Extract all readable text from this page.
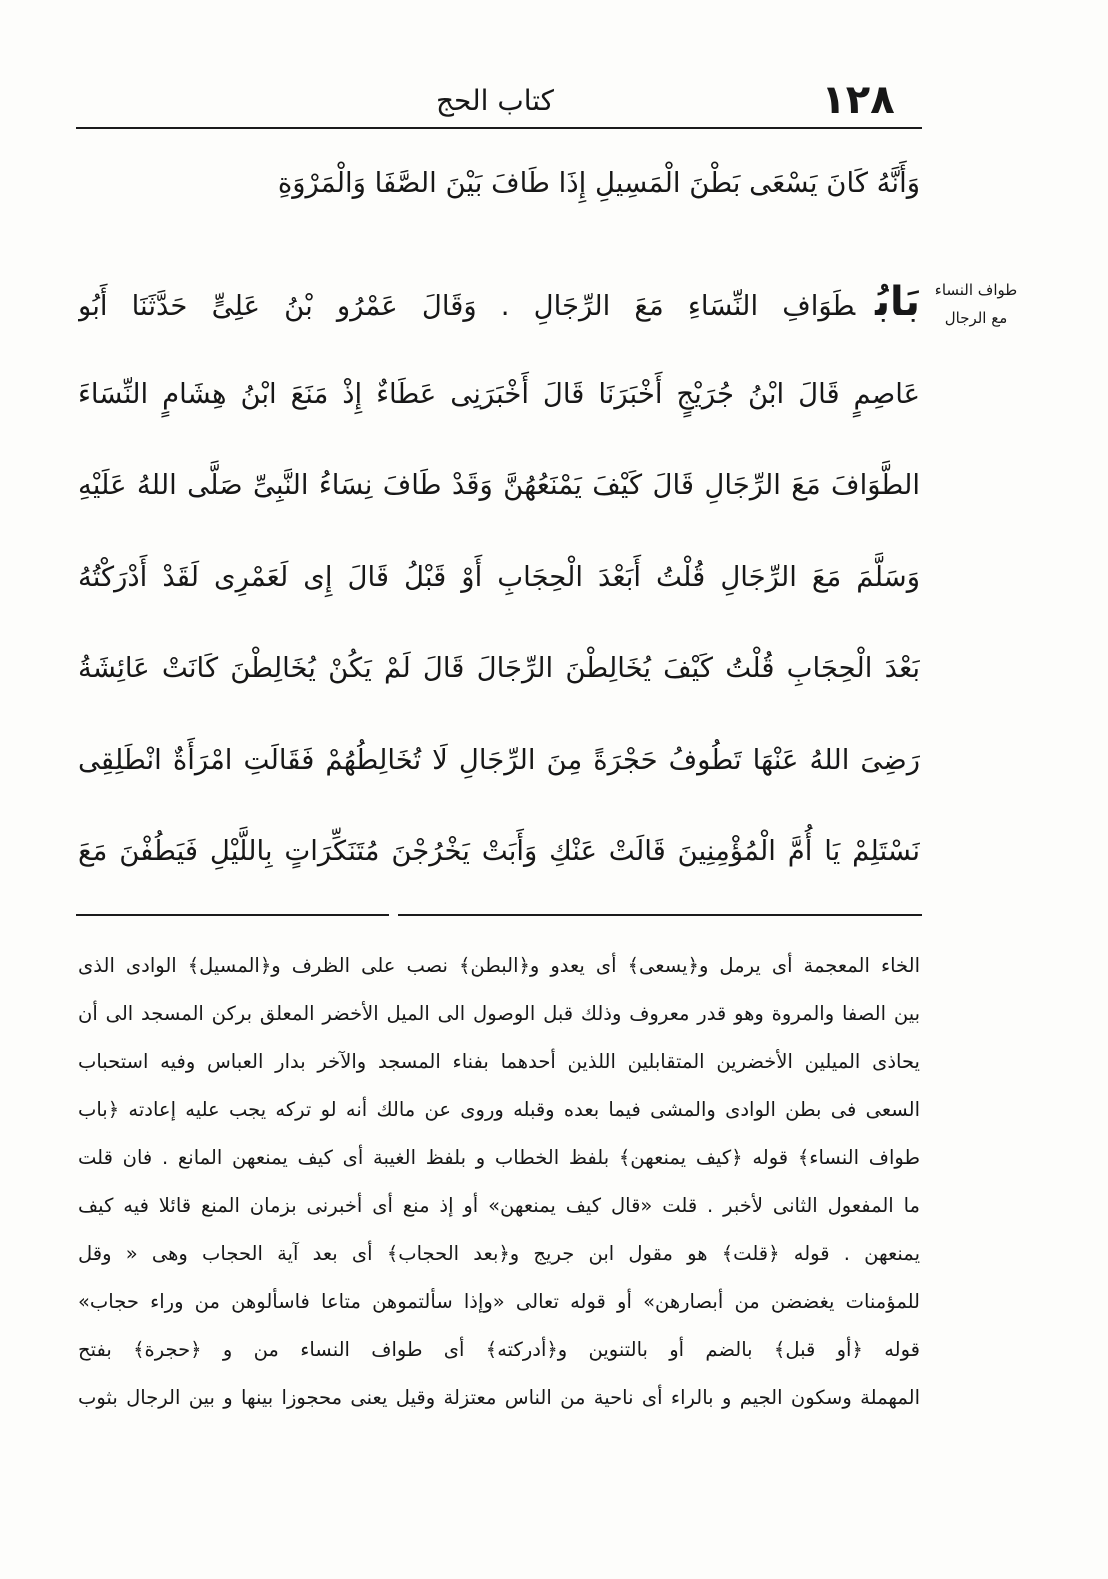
١٢٨
كتاب الحج
وَأَنَّهُ كَانَ يَسْعَى بَطْنَ الْمَسِيلِ إِذَا طَافَ بَيْنَ الصَّفَا وَالْمَرْوَةِ
بَابُطَوَافِ النِّسَاءِ مَعَ الرِّجَالِ . وَقَالَ عَمْرُو بْنُ عَلِىٍّ حَدَّثَنَا أَبُو
عَاصِمٍ قَالَ ابْنُ جُرَيْجٍ أَخْبَرَنَا قَالَ أَخْبَرَنِى عَطَاءٌ إِذْ مَنَعَ ابْنُ هِشَامٍ النِّسَاءَ
الطَّوَافَ مَعَ الرِّجَالِ قَالَ كَيْفَ يَمْنَعُهُنَّ وَقَدْ طَافَ نِسَاءُ النَّبِىِّ صَلَّى اللهُ عَلَيْهِ
وَسَلَّمَ مَعَ الرِّجَالِ قُلْتُ أَبَعْدَ الْحِجَابِ أَوْ قَبْلُ قَالَ إِى لَعَمْرِى لَقَدْ أَدْرَكْتُهُ
بَعْدَ الْحِجَابِ قُلْتُ كَيْفَ يُخَالِطْنَ الرِّجَالَ قَالَ لَمْ يَكُنْ يُخَالِطْنَ كَانَتْ عَائِشَةُ
رَضِىَ اللهُ عَنْهَا تَطُوفُ حَجْرَةً مِنَ الرِّجَالِ لَا تُخَالِطُهُمْ فَقَالَتِ امْرَأَةٌ انْطَلِقِى
نَسْتَلِمْ يَا أُمَّ الْمُؤْمِنِينَ قَالَتْ عَنْكِ وَأَبَتْ يَخْرُجْنَ مُتَنَكِّرَاتٍ بِاللَّيْلِ فَيَطُفْنَ مَعَ
طواف النساء
مع الرجال
الخاء المعجمة أى يرمل و﴿يسعى﴾ أى يعدو و﴿البطن﴾ نصب على الظرف و﴿المسيل﴾ الوادى الذى
بين الصفا والمروة وهو قدر معروف وذلك قبل الوصول الى الميل الأخضر المعلق بركن المسجد الى أن
يحاذى الميلين الأخضرين المتقابلين اللذين أحدهما بفناء المسجد والآخر بدار العباس وفيه استحباب
السعى فى بطن الوادى والمشى فيما بعده وقبله وروى عن مالك أنه لو تركه يجب عليه إعادته ﴿باب
طواف النساء﴾ قوله ﴿كيف يمنعهن﴾ بلفظ الخطاب و بلفظ الغيبة أى كيف يمنعهن المانع . فان قلت
ما المفعول الثانى لأخبر . قلت «قال كيف يمنعهن» أو إذ منع أى أخبرنى بزمان المنع قائلا فيه كيف
يمنعهن . قوله ﴿قلت﴾ هو مقول ابن جريج و﴿بعد الحجاب﴾ أى بعد آية الحجاب وهى « وقل
للمؤمنات يغضضن من أبصارهن» أو قوله تعالى «وإذا سألتموهن متاعا فاسألوهن من وراء حجاب»
قوله ﴿أو قبل﴾ بالضم أو بالتنوين و﴿أدركته﴾ أى طواف النساء من و ﴿حجرة﴾ بفتح
المهملة وسكون الجيم و بالراء أى ناحية من الناس معتزلة وقيل يعنى محجوزا بينها و بين الرجال بثوب
